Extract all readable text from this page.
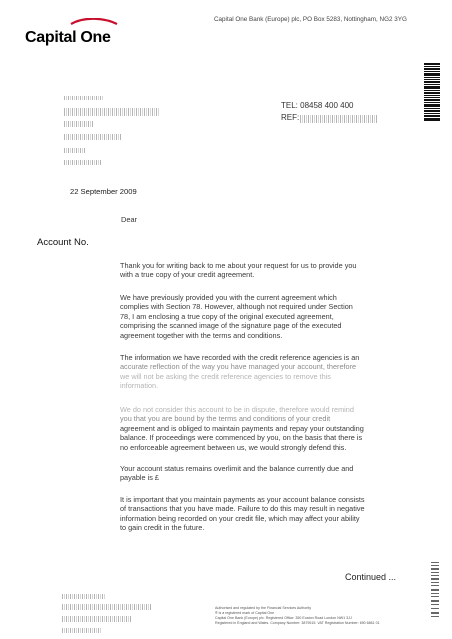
Capital One
Capital One Bank (Europe) plc, PO Box 5283, Nottingham, NG2 3YG
TEL: 08458 400 400
REF:
22 September 2009
Dear
Account No.
Thank you for writing back to me about your request for us to provide you
with a true copy of your credit agreement.
We have previously provided you with the current agreement which
complies with Section 78. However, although not required under Section
78, I am enclosing a true copy of the original executed agreement,
comprising the scanned image of the signature page of the executed
agreement together with the terms and conditions.
The information we have recorded with the credit reference agencies is an
accurate reflection of the way you have managed your account, therefore
we will not be asking the credit reference agencies to remove this
information.
We do not consider this account to be in dispute, therefore would remind
you that you are bound by the terms and conditions of your credit
agreement and is obliged to maintain payments and repay your outstanding
balance. If proceedings were commenced by you, on the basis that there is
no enforceable agreement between us, we would strongly defend this.
Your account status remains overlimit and the balance currently due and
payable is £
It is important that you maintain payments as your account balance consists
of transactions that you have made. Failure to do this may result in negative
information being recorded on your credit file, which may affect your ability
to gain credit in the future.
Continued ...
Authorised and regulated by the Financial Services Authority
® is a registered mark of Capital One
Capital One Bank (Europe) plc. Registered Office: 350 Euston Road London NW1 3JJ
Registered in England and Wales. Company Number: 3879515. VAT Registration Number: 690 6861 01
